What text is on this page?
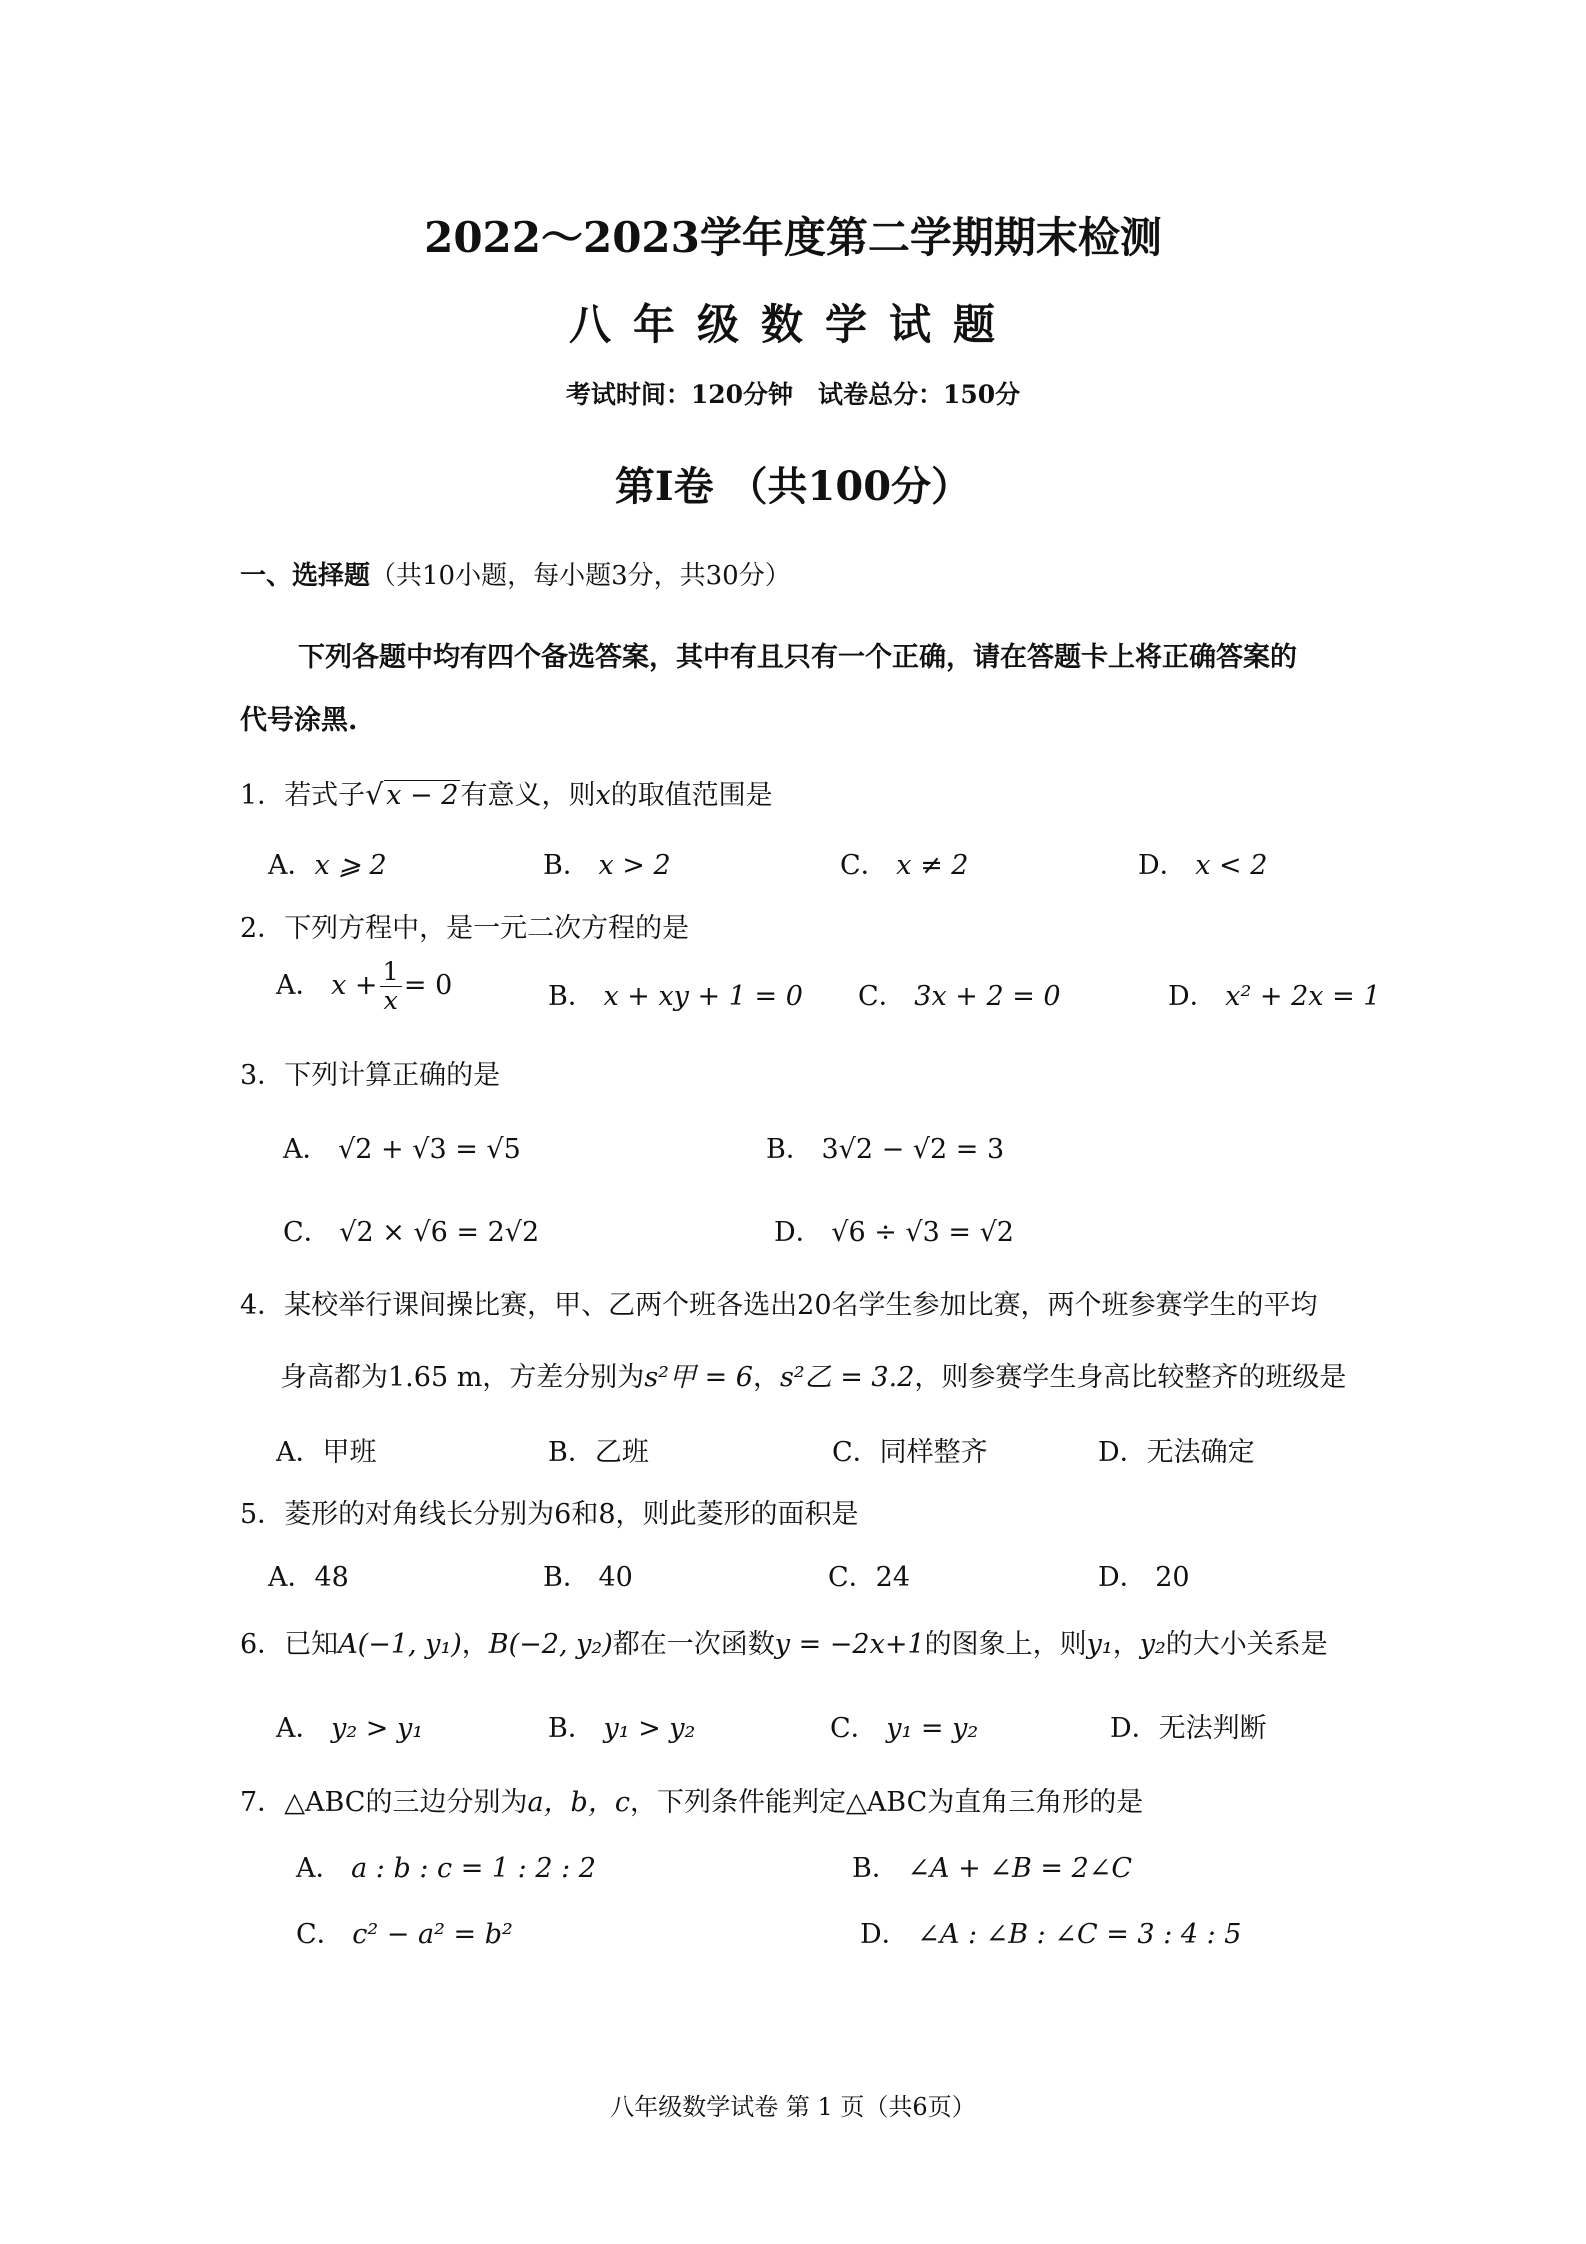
2022～2023学年度第二学期期末检测
八年级数学试题
考试时间：120分钟　试卷总分：150分
第Ⅰ卷 （共100分）
一、选择题（共10小题，每小题3分，共30分）
下列各题中均有四个备选答案，其中有且只有一个正确，请在答题卡上将正确答案的
代号涂黑.
1．若式子√ x − 2有意义，则x的取值范围是
A．x ⩾ 2	B． x > 2	C． x ≠ 2	D． x < 2
2．下列方程中，是一元二次方程的是
A． $x + \frac{1}{x} = 0$	B． x + xy + 1 = 0 C． 3x + 2 = 0	D． x² + 2x = 1
3．下列计算正确的是
A． √2 + √3 = √5	B． 3√2 − √2 = 3
C． √2 × √6 = 2√2	D． √6 ÷ √3 = √2
4．某校举行课间操比赛，甲、乙两个班各选出20名学生参加比赛，两个班参赛学生的平均
身高都为1.65 m，方差分别为s²甲 = 6，s²乙 = 3.2，则参赛学生身高比较整齐的班级是
A．甲班	B．乙班	C．同样整齐	D．无法确定
5．菱形的对角线长分别为6和8，则此菱形的面积是
A．48	B． 40	C．24	D． 20
6．已知A(−1, y₁)，B(−2, y₂)都在一次函数y = −2x+1的图象上，则y₁，y₂的大小关系是
A． y₂ > y₁	B． y₁ > y₂	C． y₁ = y₂	D．无法判断
7．△ABC的三边分别为a，b，c，下列条件能判定△ABC为直角三角形的是
A． a : b : c = 1 : 2 : 2	B． ∠A + ∠B = 2∠C
C． c² − a² = b²	D． ∠A : ∠B : ∠C = 3 : 4 : 5
八年级数学试卷 第 1 页（共6页）
